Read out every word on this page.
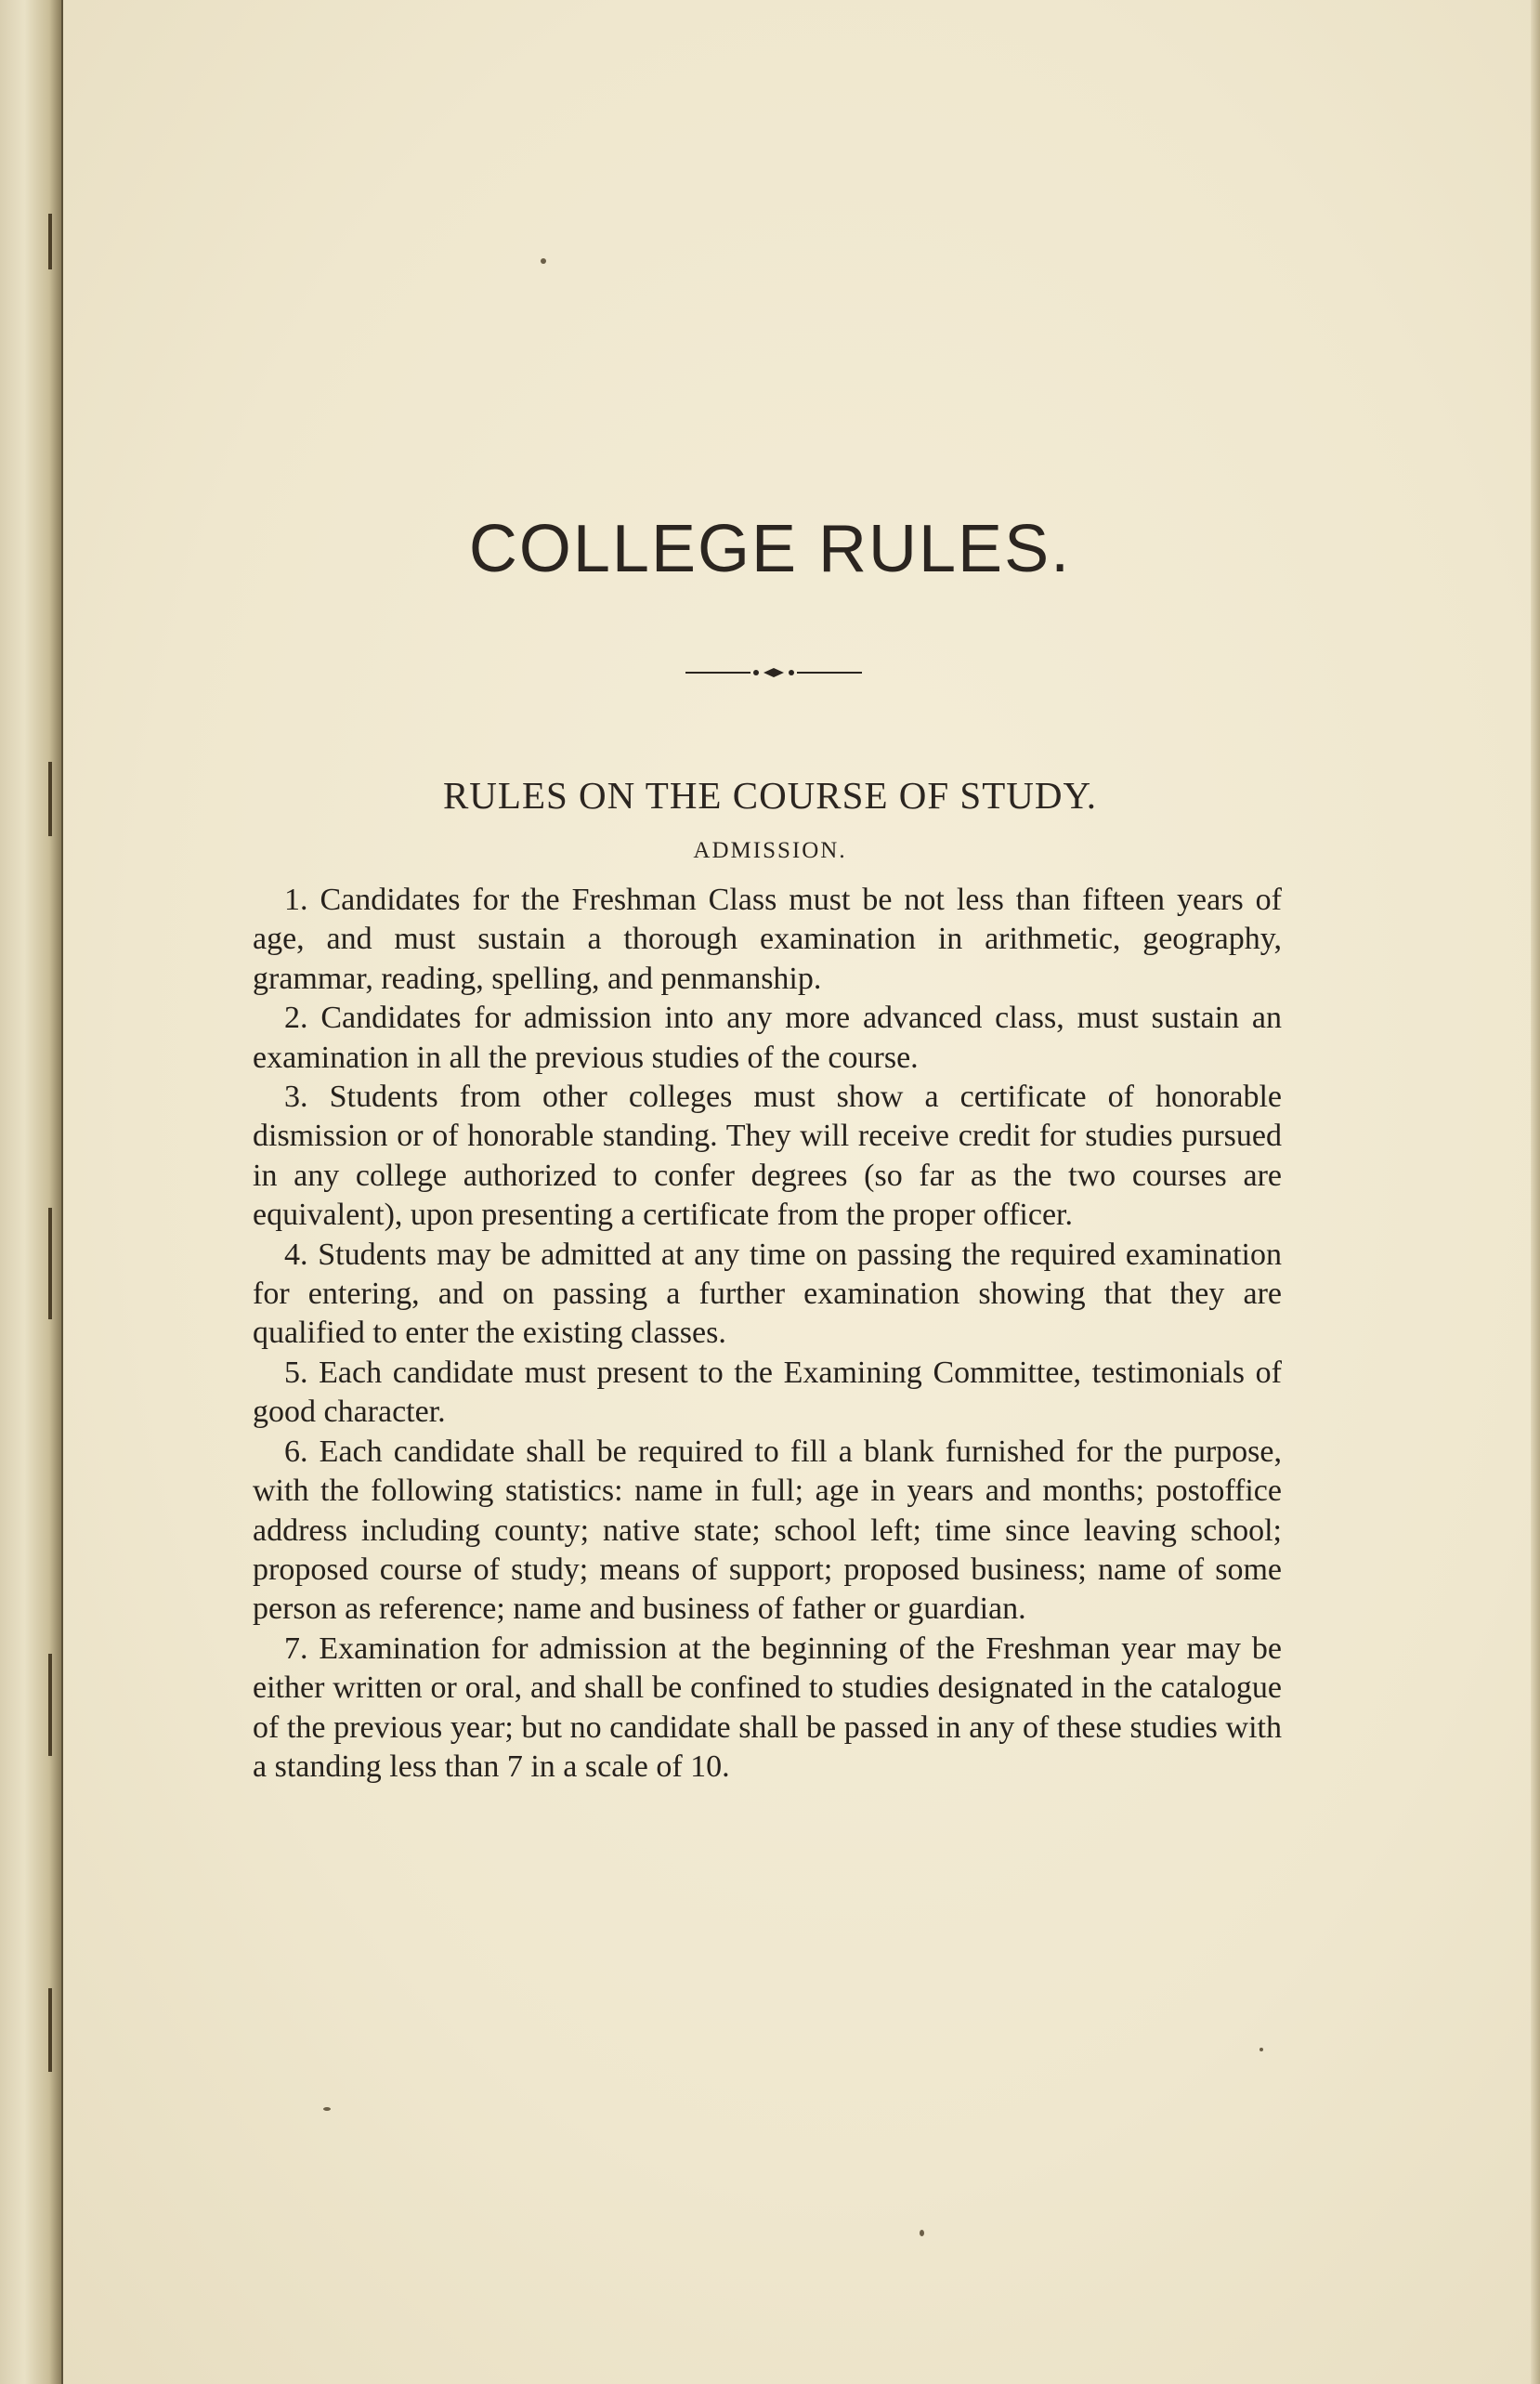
COLLEGE RULES.
RULES ON THE COURSE OF STUDY.
ADMISSION.

1. Candidates for the Freshman Class must be not less than fifteen years of age, and must sustain a thorough examination in arithmetic, geography, grammar, reading, spelling, and penmanship.

2. Candidates for admission into any more advanced class, must sustain an examination in all the previous studies of the course.

3. Students from other colleges must show a certificate of honorable dismission or of honorable standing. They will receive credit for studies pursued in any college authorized to confer degrees (so far as the two courses are equivalent), upon presenting a certificate from the proper officer.

4. Students may be admitted at any time on passing the required examination for entering, and on passing a further examination showing that they are qualified to enter the existing classes.

5. Each candidate must present to the Examining Committee, testimonials of good character.

6. Each candidate shall be required to fill a blank furnished for the purpose, with the following statistics: name in full; age in years and months; postoffice address including county; native state; school left; time since leaving school; proposed course of study; means of support; proposed business; name of some person as reference; name and business of father or guardian.

7. Examination for admission at the beginning of the Freshman year may be either written or oral, and shall be confined to studies designated in the catalogue of the previous year; but no candidate shall be passed in any of these studies with a standing less than 7 in a scale of 10.
